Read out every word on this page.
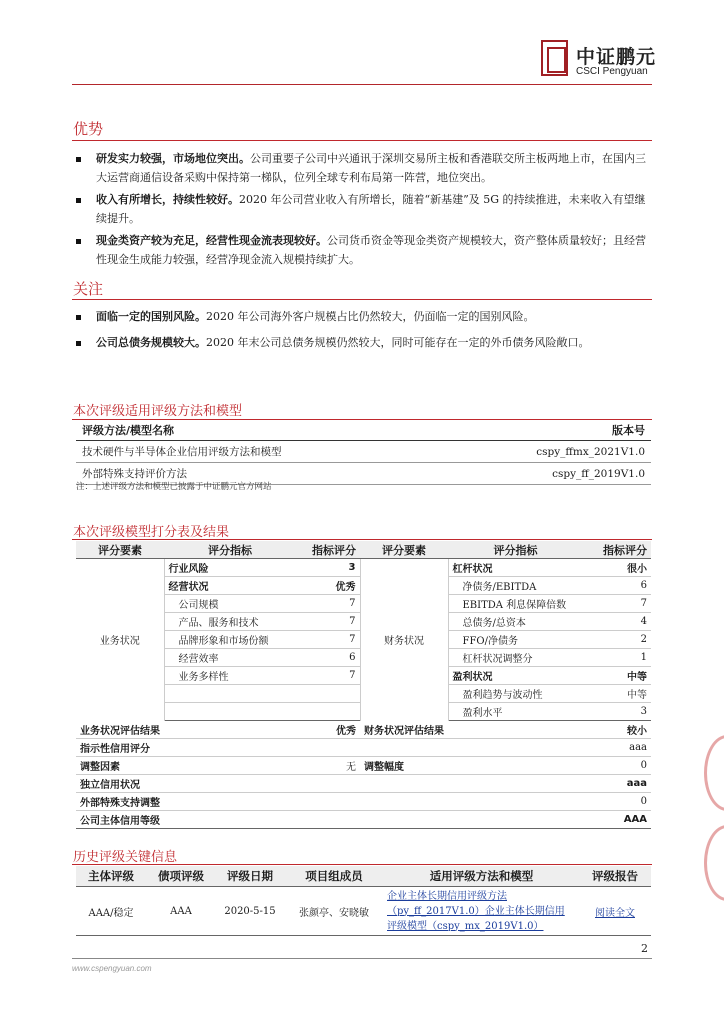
中证鹏元
CSCI Pengyuan
优势
研发实力较强，市场地位突出。公司重要子公司中兴通讯于深圳交易所主板和香港联交所主板两地上市，在国内三大运营商通信设备采购中保持第一梯队，位列全球专利布局第一阵营，地位突出。
收入有所增长，持续性较好。2020 年公司营业收入有所增长，随着“新基建”及 5G 的持续推进，未来收入有望继续提升。
现金类资产较为充足，经营性现金流表现较好。公司货币资金等现金类资产规模较大，资产整体质量较好；且经营性现金生成能力较强，经营净现金流入规模持续扩大。
关注
面临一定的国别风险。2020 年公司海外客户规模占比仍然较大，仍面临一定的国别风险。
公司总债务规模较大。2020 年末公司总债务规模仍然较大，同时可能存在一定的外币债务风险敞口。
本次评级适用评级方法和模型
评级方法/模型名称	版本号
技术硬件与半导体企业信用评级方法和模型	cspy_ffmx_2021V1.0
外部特殊支持评价方法	cspy_ff_2019V1.0
注：上述评级方法和模型已披露于中证鹏元官方网站
本次评级模型打分表及结果
评分要素	评分指标	指标评分	评分要素	评分指标	指标评分
业务状况	行业风险	3	财务状况	杠杆状况	很小
	经营状况	优秀		净债务/EBITDA	6
	公司规模	7		EBITDA 利息保障倍数	7
	产品、服务和技术	7		总债务/总资本	4
	品牌形象和市场份额	7		FFO/净债务	2
	经营效率	6		杠杆状况调整分	1
	业务多样性	7		盈利状况	中等
				盈利趋势与波动性	中等
				盈利水平	3
业务状况评估结果		优秀	财务状况评估结果		较小
指示性信用评分					aaa
调整因素		无	调整幅度		0
独立信用状况					aaa
外部特殊支持调整					0
公司主体信用等级					AAA
历史评级关键信息
主体评级	债项评级	评级日期	项目组成员	适用评级方法和模型	评级报告
AAA/稳定	AAA	2020-5-15	张颜亭、安晓敏	企业主体长期信用评级方法
（py_ff_2017V1.0）企业主体长期信用
评级模型（cspy_mx_2019V1.0）	阅读全文
2
www.cspengyuan.com
